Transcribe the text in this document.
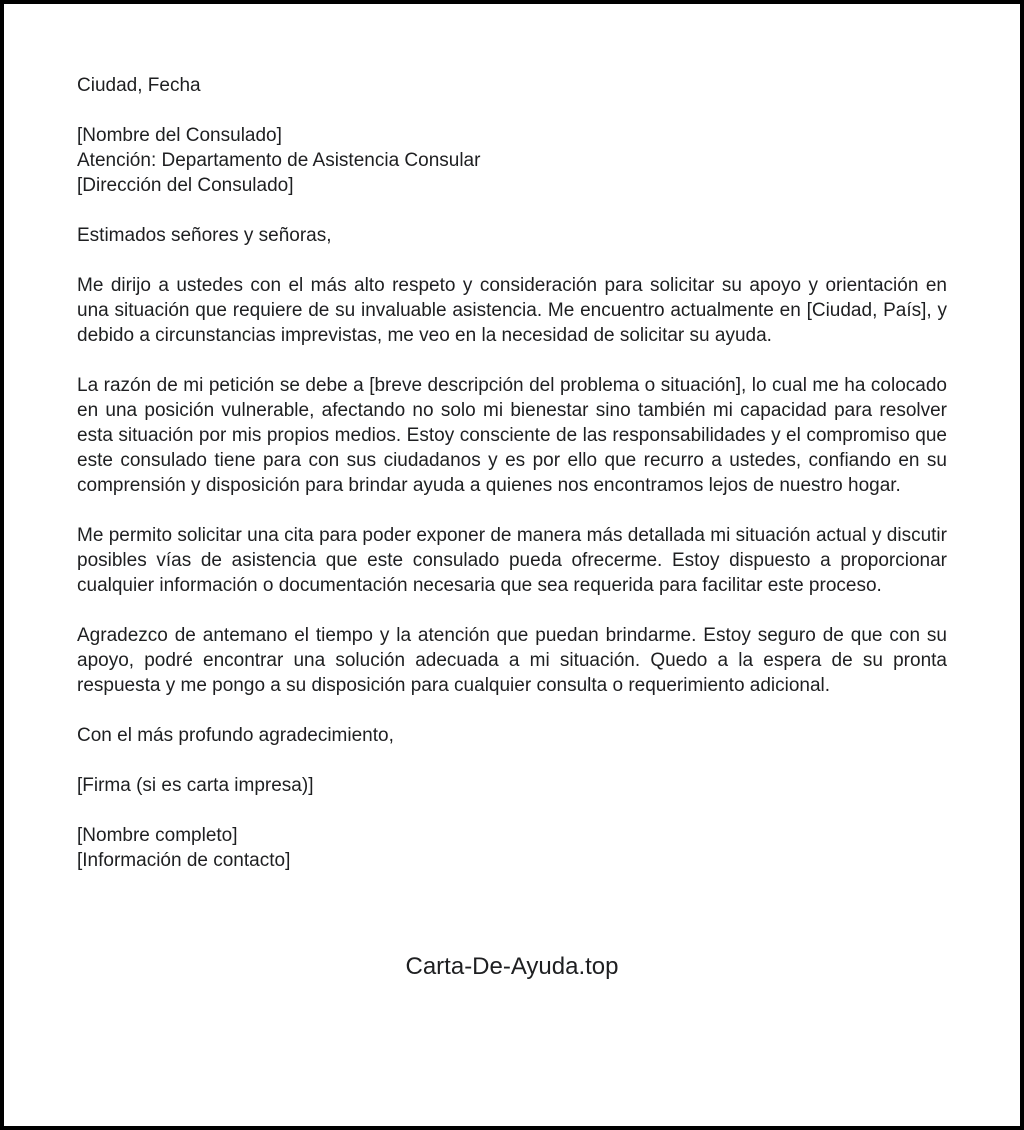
Ciudad, Fecha

[Nombre del Consulado]

Atención: Departamento de Asistencia Consular

[Dirección del Consulado]

Estimados señores y señoras,

Me dirijo a ustedes con el más alto respeto y consideración para solicitar su apoyo y orientación en una situación que requiere de su invaluable asistencia. Me encuentro actualmente en [Ciudad, País], y debido a circunstancias imprevistas, me veo en la necesidad de solicitar su ayuda.

La razón de mi petición se debe a [breve descripción del problema o situación], lo cual me ha colocado en una posición vulnerable, afectando no solo mi bienestar sino también mi capacidad para resolver esta situación por mis propios medios. Estoy consciente de las responsabilidades y el compromiso que este consulado tiene para con sus ciudadanos y es por ello que recurro a ustedes, confiando en su comprensión y disposición para brindar ayuda a quienes nos encontramos lejos de nuestro hogar.

Me permito solicitar una cita para poder exponer de manera más detallada mi situación actual y discutir posibles vías de asistencia que este consulado pueda ofrecerme. Estoy dispuesto a proporcionar cualquier información o documentación necesaria que sea requerida para facilitar este proceso.

Agradezco de antemano el tiempo y la atención que puedan brindarme. Estoy seguro de que con su apoyo, podré encontrar una solución adecuada a mi situación. Quedo a la espera de su pronta respuesta y me pongo a su disposición para cualquier consulta o requerimiento adicional.

Con el más profundo agradecimiento,

[Firma (si es carta impresa)]

[Nombre completo]

[Información de contacto]

Carta-De-Ayuda.top
